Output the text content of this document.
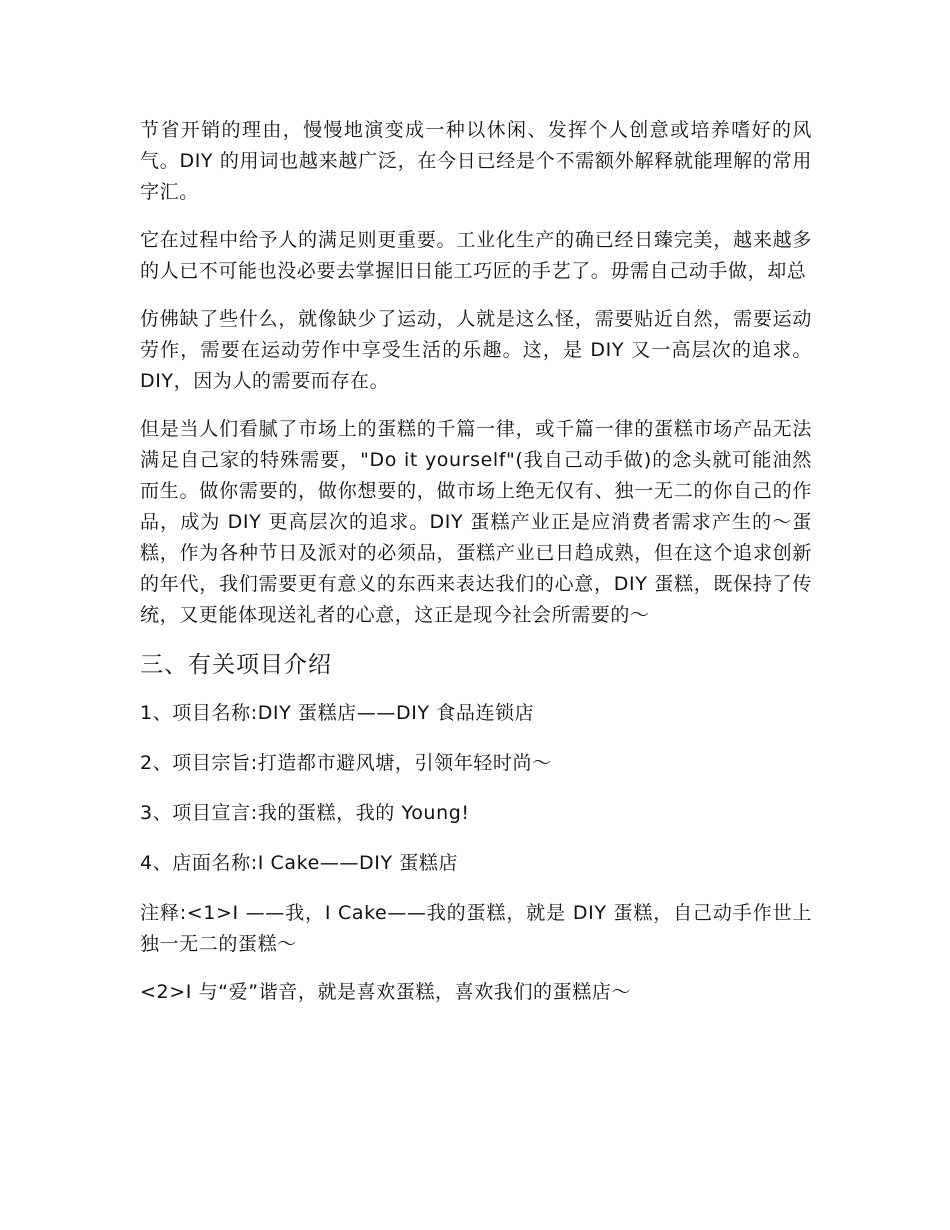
节省开销的理由，慢慢地演变成一种以休闲、发挥个人创意或培养嗜好的风气。DIY 的用词也越来越广泛，在今日已经是个不需额外解释就能理解的常用字汇。

它在过程中给予人的满足则更重要。工业化生产的确已经日臻完美，越来越多的人已不可能也没必要去掌握旧日能工巧匠的手艺了。毋需自己动手做，却总

仿佛缺了些什么，就像缺少了运动，人就是这么怪，需要贴近自然，需要运动劳作，需要在运动劳作中享受生活的乐趣。这，是 DIY 又一高层次的追求。 DIY，因为人的需要而存在。

但是当人们看腻了市场上的蛋糕的千篇一律，或千篇一律的蛋糕市场产品无法满足自己家的特殊需要，"Do it yourself"(我自己动手做)的念头就可能油然而生。做你需要的，做你想要的，做市场上绝无仅有、独一无二的你自己的作品，成为 DIY 更高层次的追求。DIY 蛋糕产业正是应消费者需求产生的～蛋糕，作为各种节日及派对的必须品，蛋糕产业已日趋成熟，但在这个追求创新的年代，我们需要更有意义的东西来表达我们的心意，DIY 蛋糕，既保持了传统，又更能体现送礼者的心意，这正是现今社会所需要的～

三、有关项目介绍
1、项目名称:DIY 蛋糕店——DIY 食品连锁店
2、项目宗旨:打造都市避风塘，引领年轻时尚～
3、项目宣言:我的蛋糕，我的 Young!
4、店面名称:I Cake——DIY 蛋糕店

注释:<1>I ——我，I Cake——我的蛋糕，就是 DIY 蛋糕，自己动手作世上独一无二的蛋糕～

<2>I 与“爱”谐音，就是喜欢蛋糕，喜欢我们的蛋糕店～
